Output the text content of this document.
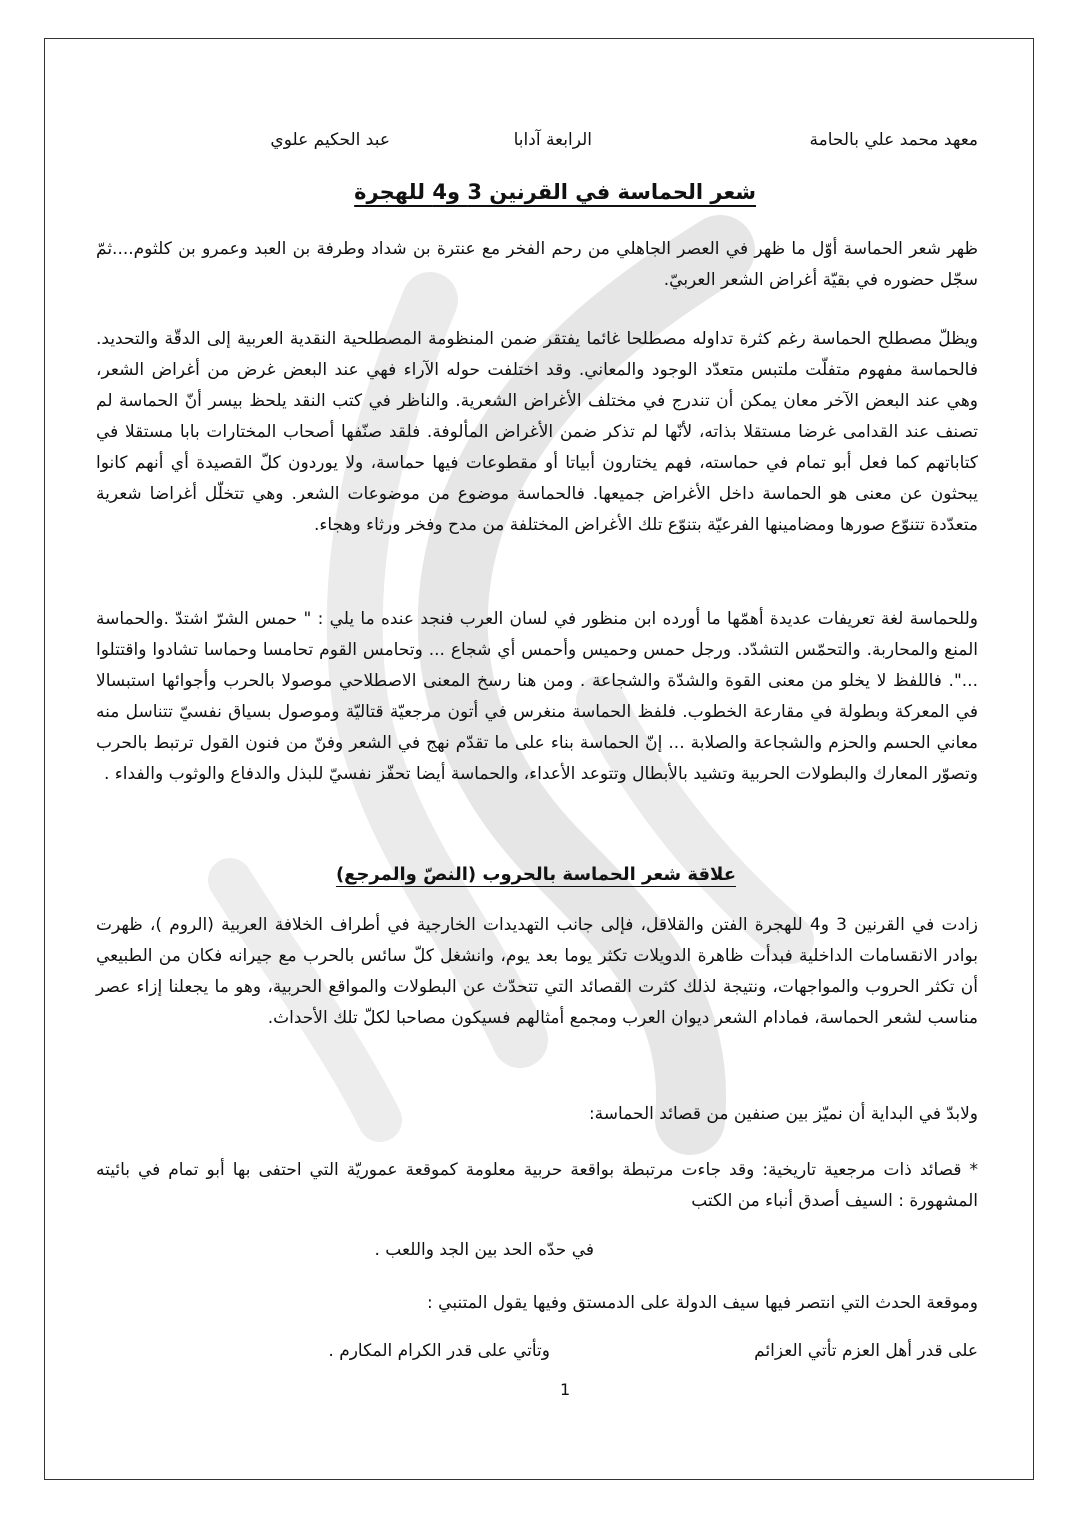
معهد محمد علي بالحامة
الرابعة آدابا
عبد الحكيم علوي
شعر الحماسة في القرنين 3 و4 للهجرة
ظهر شعر الحماسة أوّل ما ظهر في العصر الجاهلي من رحم الفخر مع عنترة بن شداد وطرفة بن العبد وعمرو بن كلثوم....ثمّ سجّل حضوره في بقيّة أغراض الشعر العربيّ.
ويظلّ مصطلح الحماسة رغم كثرة تداوله مصطلحا غائما يفتقر ضمن المنظومة المصطلحية النقدية العربية إلى الدقّة والتحديد. فالحماسة مفهوم متفلّت ملتبس متعدّد الوجود والمعاني. وقد اختلفت حوله الآراء فهي عند البعض غرض من أغراض الشعر، وهي عند البعض الآخر معان يمكن أن تندرج في مختلف الأغراض الشعرية. والناظر في كتب النقد يلحظ بيسر أنّ الحماسة لم تصنف عند القدامى غرضا مستقلا بذاته، لأنّها لم تذكر ضمن الأغراض المألوفة. فلقد صنّفها أصحاب المختارات بابا مستقلا في كتاباتهم كما فعل أبو تمام في حماسته، فهم يختارون أبياتا أو مقطوعات فيها حماسة، ولا يوردون كلّ القصيدة أي أنهم كانوا يبحثون عن معنى هو الحماسة داخل الأغراض جميعها. فالحماسة موضوع من موضوعات الشعر. وهي تتخلّل أغراضا شعرية متعدّدة تتنوّع صورها ومضامينها الفرعيّة بتنوّع تلك الأغراض المختلفة من مدح وفخر ورثاء وهجاء.
وللحماسة لغة تعريفات عديدة أهمّها ما أورده ابن منظور في لسان العرب فنجد عنده ما يلي : " حمس الشرّ اشتدّ .والحماسة المنع والمحاربة. والتحمّس التشدّد. ورجل حمس وحميس وأحمس أي شجاع ... وتحامس القوم تحامسا وحماسا تشادوا واقتتلوا ...". فاللفظ لا يخلو من معنى القوة والشدّة والشجاعة . ومن هنا رسخ المعنى الاصطلاحي موصولا بالحرب وأجوائها استبسالا في المعركة وبطولة في مقارعة الخطوب. فلفظ الحماسة منغرس في أتون مرجعيّة قتاليّة وموصول بسياق نفسيّ تتناسل منه معاني الحسم والحزم والشجاعة والصلابة ... إنّ الحماسة بناء على ما تقدّم نهج في الشعر وفنّ من فنون القول ترتبط بالحرب وتصوّر المعارك والبطولات الحربية وتشيد بالأبطال وتتوعد الأعداء، والحماسة أيضا تحفّز نفسيّ للبذل والدفاع والوثوب والفداء .
علاقة شعر الحماسة بالحروب (النصّ والمرجع)
زادت في القرنين 3 و4 للهجرة الفتن والقلاقل، فإلى جانب التهديدات الخارجية في أطراف الخلافة العربية (الروم )، ظهرت بوادر الانقسامات الداخلية فبدأت ظاهرة الدويلات تكثر يوما بعد يوم، وانشغل كلّ سائس بالحرب مع جيرانه فكان من الطبيعي أن تكثر الحروب والمواجهات، ونتيجة لذلك كثرت القصائد التي تتحدّث عن البطولات والمواقع الحربية، وهو ما يجعلنا إزاء عصر مناسب لشعر الحماسة، فمادام الشعر ديوان العرب ومجمع أمثالهم فسيكون مصاحبا لكلّ تلك الأحداث.
ولابدّ في البداية أن نميّز بين صنفين من قصائد الحماسة:
* قصائد ذات مرجعية تاريخية: وقد جاءت مرتبطة بواقعة حربية معلومة كموقعة عموريّة التي احتفى بها أبو تمام في بائيته المشهورة : السيف أصدق أنباء من الكتب
في حدّه الحد بين الجد واللعب .
وموقعة الحدث التي انتصر فيها سيف الدولة على الدمستق وفيها يقول المتنبي :
على قدر أهل العزم تأتي العزائم
وتأتي على قدر الكرام المكارم .
1
